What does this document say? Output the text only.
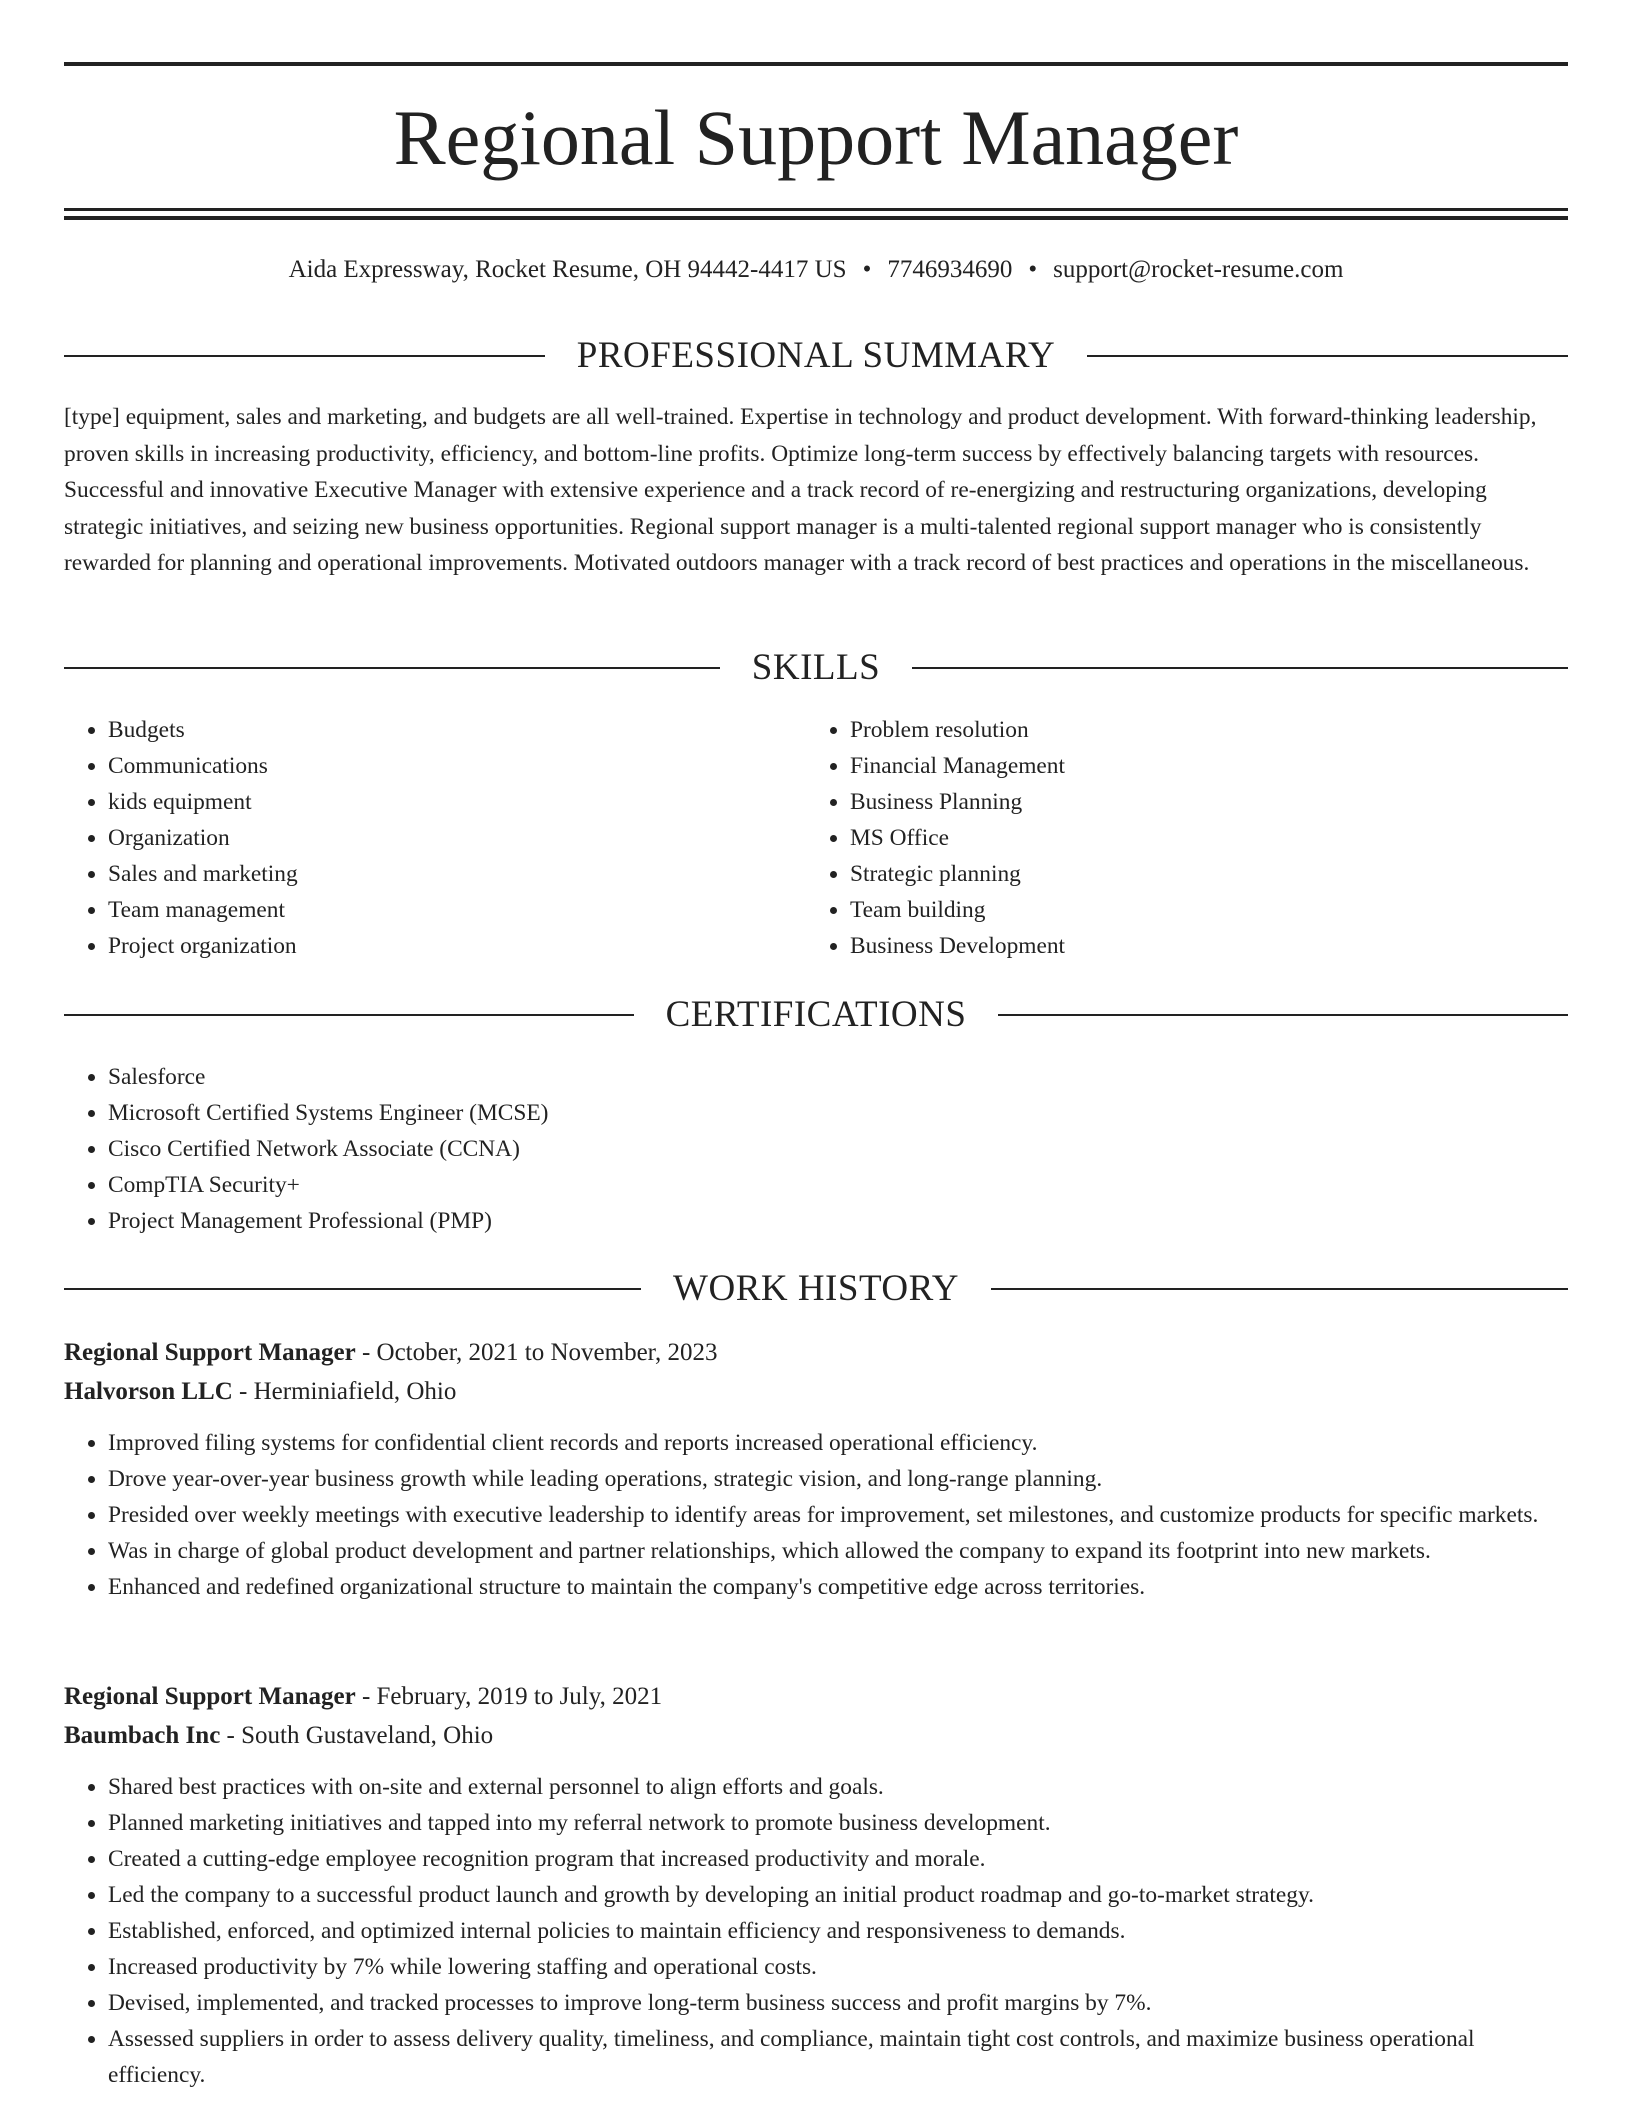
Regional Support Manager
Aida Expressway, Rocket Resume, OH 94442-4417 US • 7746934690 • support@rocket-resume.com
PROFESSIONAL SUMMARY

[type] equipment, sales and marketing, and budgets are all well-trained. Expertise in technology and product development. With forward-thinking leadership, proven skills in increasing productivity, efficiency, and bottom-line profits. Optimize long-term success by effectively balancing targets with resources. Successful and innovative Executive Manager with extensive experience and a track record of re-energizing and restructuring organizations, developing strategic initiatives, and seizing new business opportunities. Regional support manager is a multi-talented regional support manager who is consistently rewarded for planning and operational improvements. Motivated outdoors manager with a track record of best practices and operations in the miscellaneous.

SKILLS
• Budgets
• Communications
• kids equipment
• Organization
• Sales and marketing
• Team management
• Project organization
• Problem resolution
• Financial Management
• Business Planning
• MS Office
• Strategic planning
• Team building
• Business Development
CERTIFICATIONS
• Salesforce
• Microsoft Certified Systems Engineer (MCSE)
• Cisco Certified Network Associate (CCNA)
• CompTIA Security+
• Project Management Professional (PMP)
WORK HISTORY
Regional Support Manager - October, 2021 to November, 2023
Halvorson LLC - Herminiafield, Ohio
• Improved filing systems for confidential client records and reports increased operational efficiency.
• Drove year-over-year business growth while leading operations, strategic vision, and long-range planning.
• Presided over weekly meetings with executive leadership to identify areas for improvement, set milestones, and customize products for specific markets.
• Was in charge of global product development and partner relationships, which allowed the company to expand its footprint into new markets.
• Enhanced and redefined organizational structure to maintain the company's competitive edge across territories.
Regional Support Manager - February, 2019 to July, 2021
Baumbach Inc - South Gustaveland, Ohio
• Shared best practices with on-site and external personnel to align efforts and goals.
• Planned marketing initiatives and tapped into my referral network to promote business development.
• Created a cutting-edge employee recognition program that increased productivity and morale.
• Led the company to a successful product launch and growth by developing an initial product roadmap and go-to-market strategy.
• Established, enforced, and optimized internal policies to maintain efficiency and responsiveness to demands.
• Increased productivity by 7% while lowering staffing and operational costs.
• Devised, implemented, and tracked processes to improve long-term business success and profit margins by 7%.
• Assessed suppliers in order to assess delivery quality, timeliness, and compliance, maintain tight cost controls, and maximize business operational efficiency.
